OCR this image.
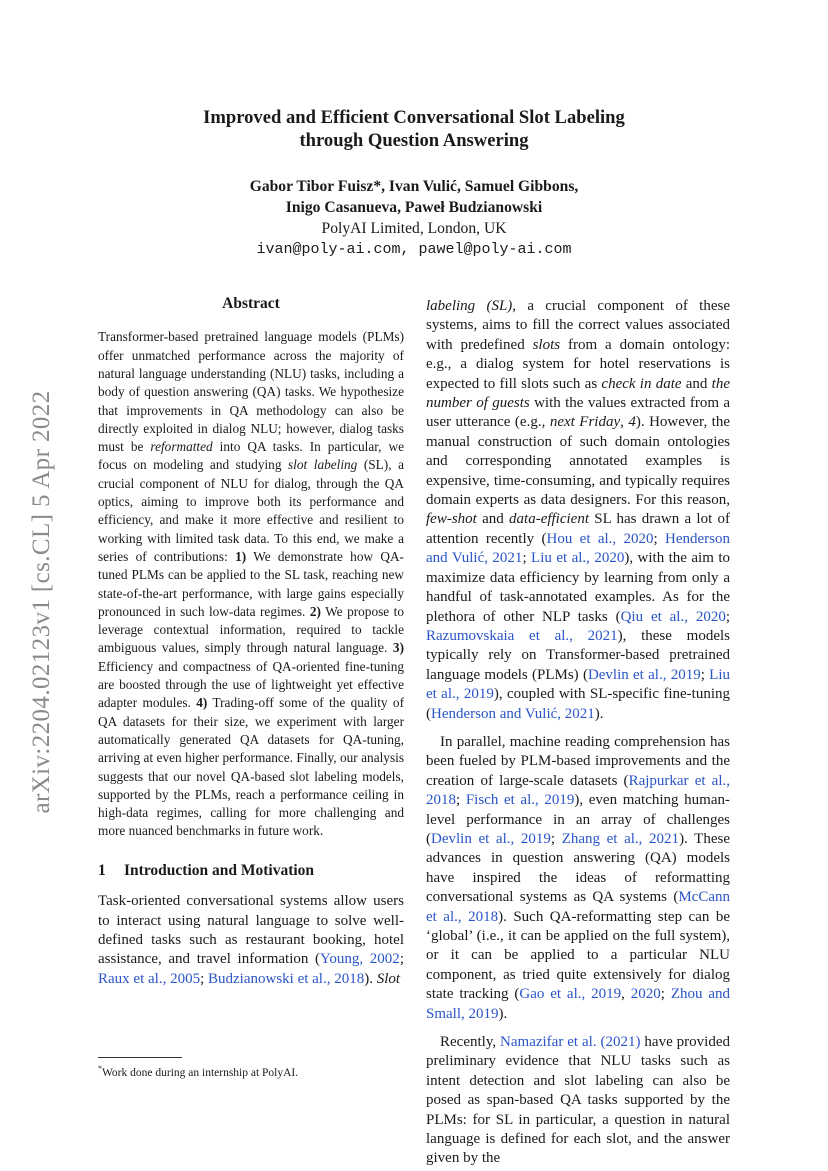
arXiv:2204.02123v1 [cs.CL] 5 Apr 2022
Improved and Efficient Conversational Slot Labeling
through Question Answering
Gabor Tibor Fuisz*, Ivan Vulić, Samuel Gibbons,
Inigo Casanueva, Paweł Budzianowski
PolyAI Limited, London, UK
ivan@poly-ai.com, pawel@poly-ai.com
Abstract

Transformer-based pretrained language models (PLMs) offer unmatched performance across the majority of natural language understanding (NLU) tasks, including a body of question answering (QA) tasks. We hypothesize that improvements in QA methodology can also be directly exploited in dialog NLU; however, dialog tasks must be reformatted into QA tasks. In particular, we focus on modeling and studying slot labeling (SL), a crucial component of NLU for dialog, through the QA optics, aiming to improve both its performance and efficiency, and make it more effective and resilient to working with limited task data. To this end, we make a series of contributions: 1) We demonstrate how QA-tuned PLMs can be applied to the SL task, reaching new state-of-the-art performance, with large gains especially pronounced in such low-data regimes. 2) We propose to leverage contextual information, required to tackle ambiguous values, simply through natural language. 3) Efficiency and compactness of QA-oriented fine-tuning are boosted through the use of lightweight yet effective adapter modules. 4) Trading-off some of the quality of QA datasets for their size, we experiment with larger automatically generated QA datasets for QA-tuning, arriving at even higher performance. Finally, our analysis suggests that our novel QA-based slot labeling models, supported by the PLMs, reach a performance ceiling in high-data regimes, calling for more challenging and more nuanced benchmarks in future work.

1 Introduction and Motivation

Task-oriented conversational systems allow users to interact using natural language to solve well-defined tasks such as restaurant booking, hotel assistance, and travel information (Young, 2002; Raux et al., 2005; Budzianowski et al., 2018). Slot

labeling (SL), a crucial component of these systems, aims to fill the correct values associated with predefined slots from a domain ontology: e.g., a dialog system for hotel reservations is expected to fill slots such as check in date and the number of guests with the values extracted from a user utterance (e.g., next Friday, 4). However, the manual construction of such domain ontologies and corresponding annotated examples is expensive, time-consuming, and typically requires domain experts as data designers. For this reason, few-shot and data-efficient SL has drawn a lot of attention recently (Hou et al., 2020; Henderson and Vulić, 2021; Liu et al., 2020), with the aim to maximize data efficiency by learning from only a handful of task-annotated examples. As for the plethora of other NLP tasks (Qiu et al., 2020; Razumovskaia et al., 2021), these models typically rely on Transformer-based pretrained language models (PLMs) (Devlin et al., 2019; Liu et al., 2019), coupled with SL-specific fine-tuning (Henderson and Vulić, 2021).

In parallel, machine reading comprehension has been fueled by PLM-based improvements and the creation of large-scale datasets (Rajpurkar et al., 2018; Fisch et al., 2019), even matching human-level performance in an array of challenges (Devlin et al., 2019; Zhang et al., 2021). These advances in question answering (QA) models have inspired the ideas of reformatting conversational systems as QA systems (McCann et al., 2018). Such QA-reformatting step can be ‘global’ (i.e., it can be applied on the full system), or it can be applied to a particular NLU component, as tried quite extensively for dialog state tracking (Gao et al., 2019, 2020; Zhou and Small, 2019).

Recently, Namazifar et al. (2021) have provided preliminary evidence that NLU tasks such as intent detection and slot labeling can also be posed as span-based QA tasks supported by the PLMs: for SL in particular, a question in natural language is defined for each slot, and the answer given by the

*Work done during an internship at PolyAI.
